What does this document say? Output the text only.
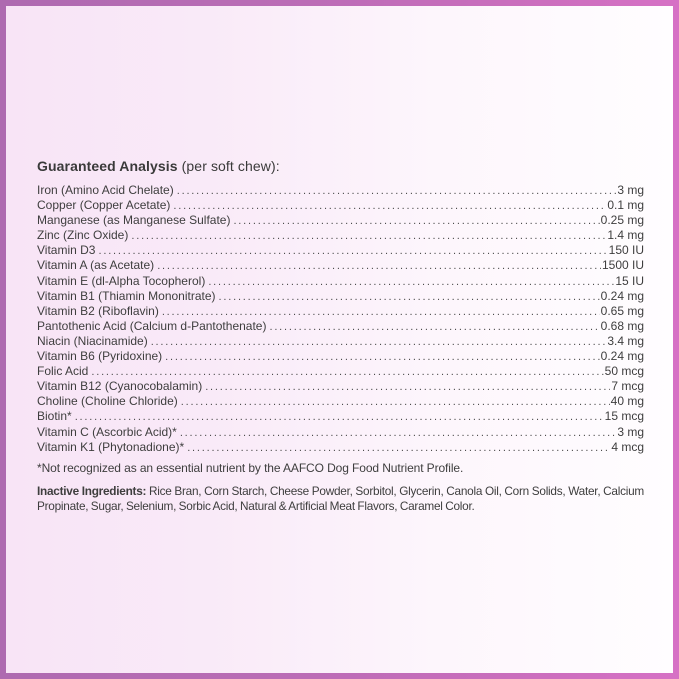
Guaranteed Analysis (per soft chew):
Iron (Amino Acid Chelate) .....	3 mg
Copper (Copper Acetate) .....	0.1 mg
Manganese (as Manganese Sulfate) .....	0.25 mg
Zinc (Zinc Oxide) .....	1.4 mg
Vitamin D3 .....	150 IU
Vitamin A (as Acetate) .....	1500 IU
Vitamin E (dl-Alpha Tocopherol) .....	15 IU
Vitamin B1 (Thiamin Mononitrate) .....	0.24 mg
Vitamin B2 (Riboflavin) .....	0.65 mg
Pantothenic Acid (Calcium d-Pantothenate) .....	0.68 mg
Niacin (Niacinamide) .....	3.4 mg
Vitamin B6 (Pyridoxine) .....	0.24 mg
Folic Acid .....	50 mcg
Vitamin B12 (Cyanocobalamin) .....	7 mcg
Choline (Choline Chloride) .....	40 mg
Biotin* .....	15 mcg
Vitamin C (Ascorbic Acid)* .....	3 mg
Vitamin K1 (Phytonadione)* .....	4 mcg

*Not recognized as an essential nutrient by the AAFCO Dog Food Nutrient Profile.

Inactive Ingredients: Rice Bran, Corn Starch, Cheese Powder, Sorbitol, Glycerin, Canola Oil, Corn Solids, Water, Calcium Propinate, Sugar, Selenium, Sorbic Acid, Natural & Artificial Meat Flavors, Caramel Color.
